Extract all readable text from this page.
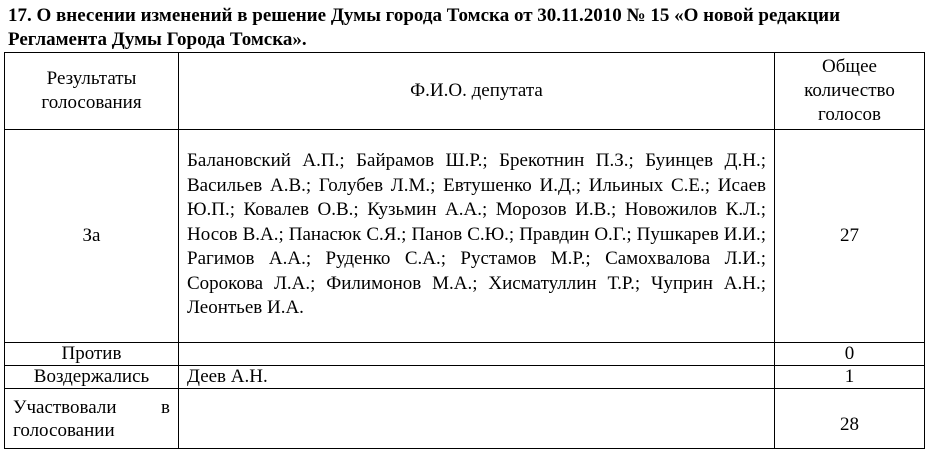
17. О внесении изменений в решение Думы города Томска от 30.11.2010 № 15 «О новой редакции Регламента Думы Города Томска».

Результаты голосования	Ф.И.О. депутата	Общее количество голосов
За	Балановский А.П.; Байрамов Ш.Р.; Брекотнин П.З.; Буинцев Д.Н.; Васильев А.В.; Голубев Л.М.; Евтушенко И.Д.; Ильиных С.Е.; Исаев Ю.П.; Ковалев О.В.; Кузьмин А.А.; Морозов И.В.; Новожилов К.Л.; Носов В.А.; Панасюк С.Я.; Панов С.Ю.; Правдин О.Г.; Пушкарев И.И.; Рагимов А.А.; Руденко С.А.; Рустамов М.Р.; Самохвалова Л.И.; Сорокова Л.А.; Филимонов М.А.; Хисматуллин Т.Р.; Чуприн А.Н.; Леонтьев И.А.	27
Против		0
Воздержались	Деев А.Н.	1
Участвовали в голосовании		28
